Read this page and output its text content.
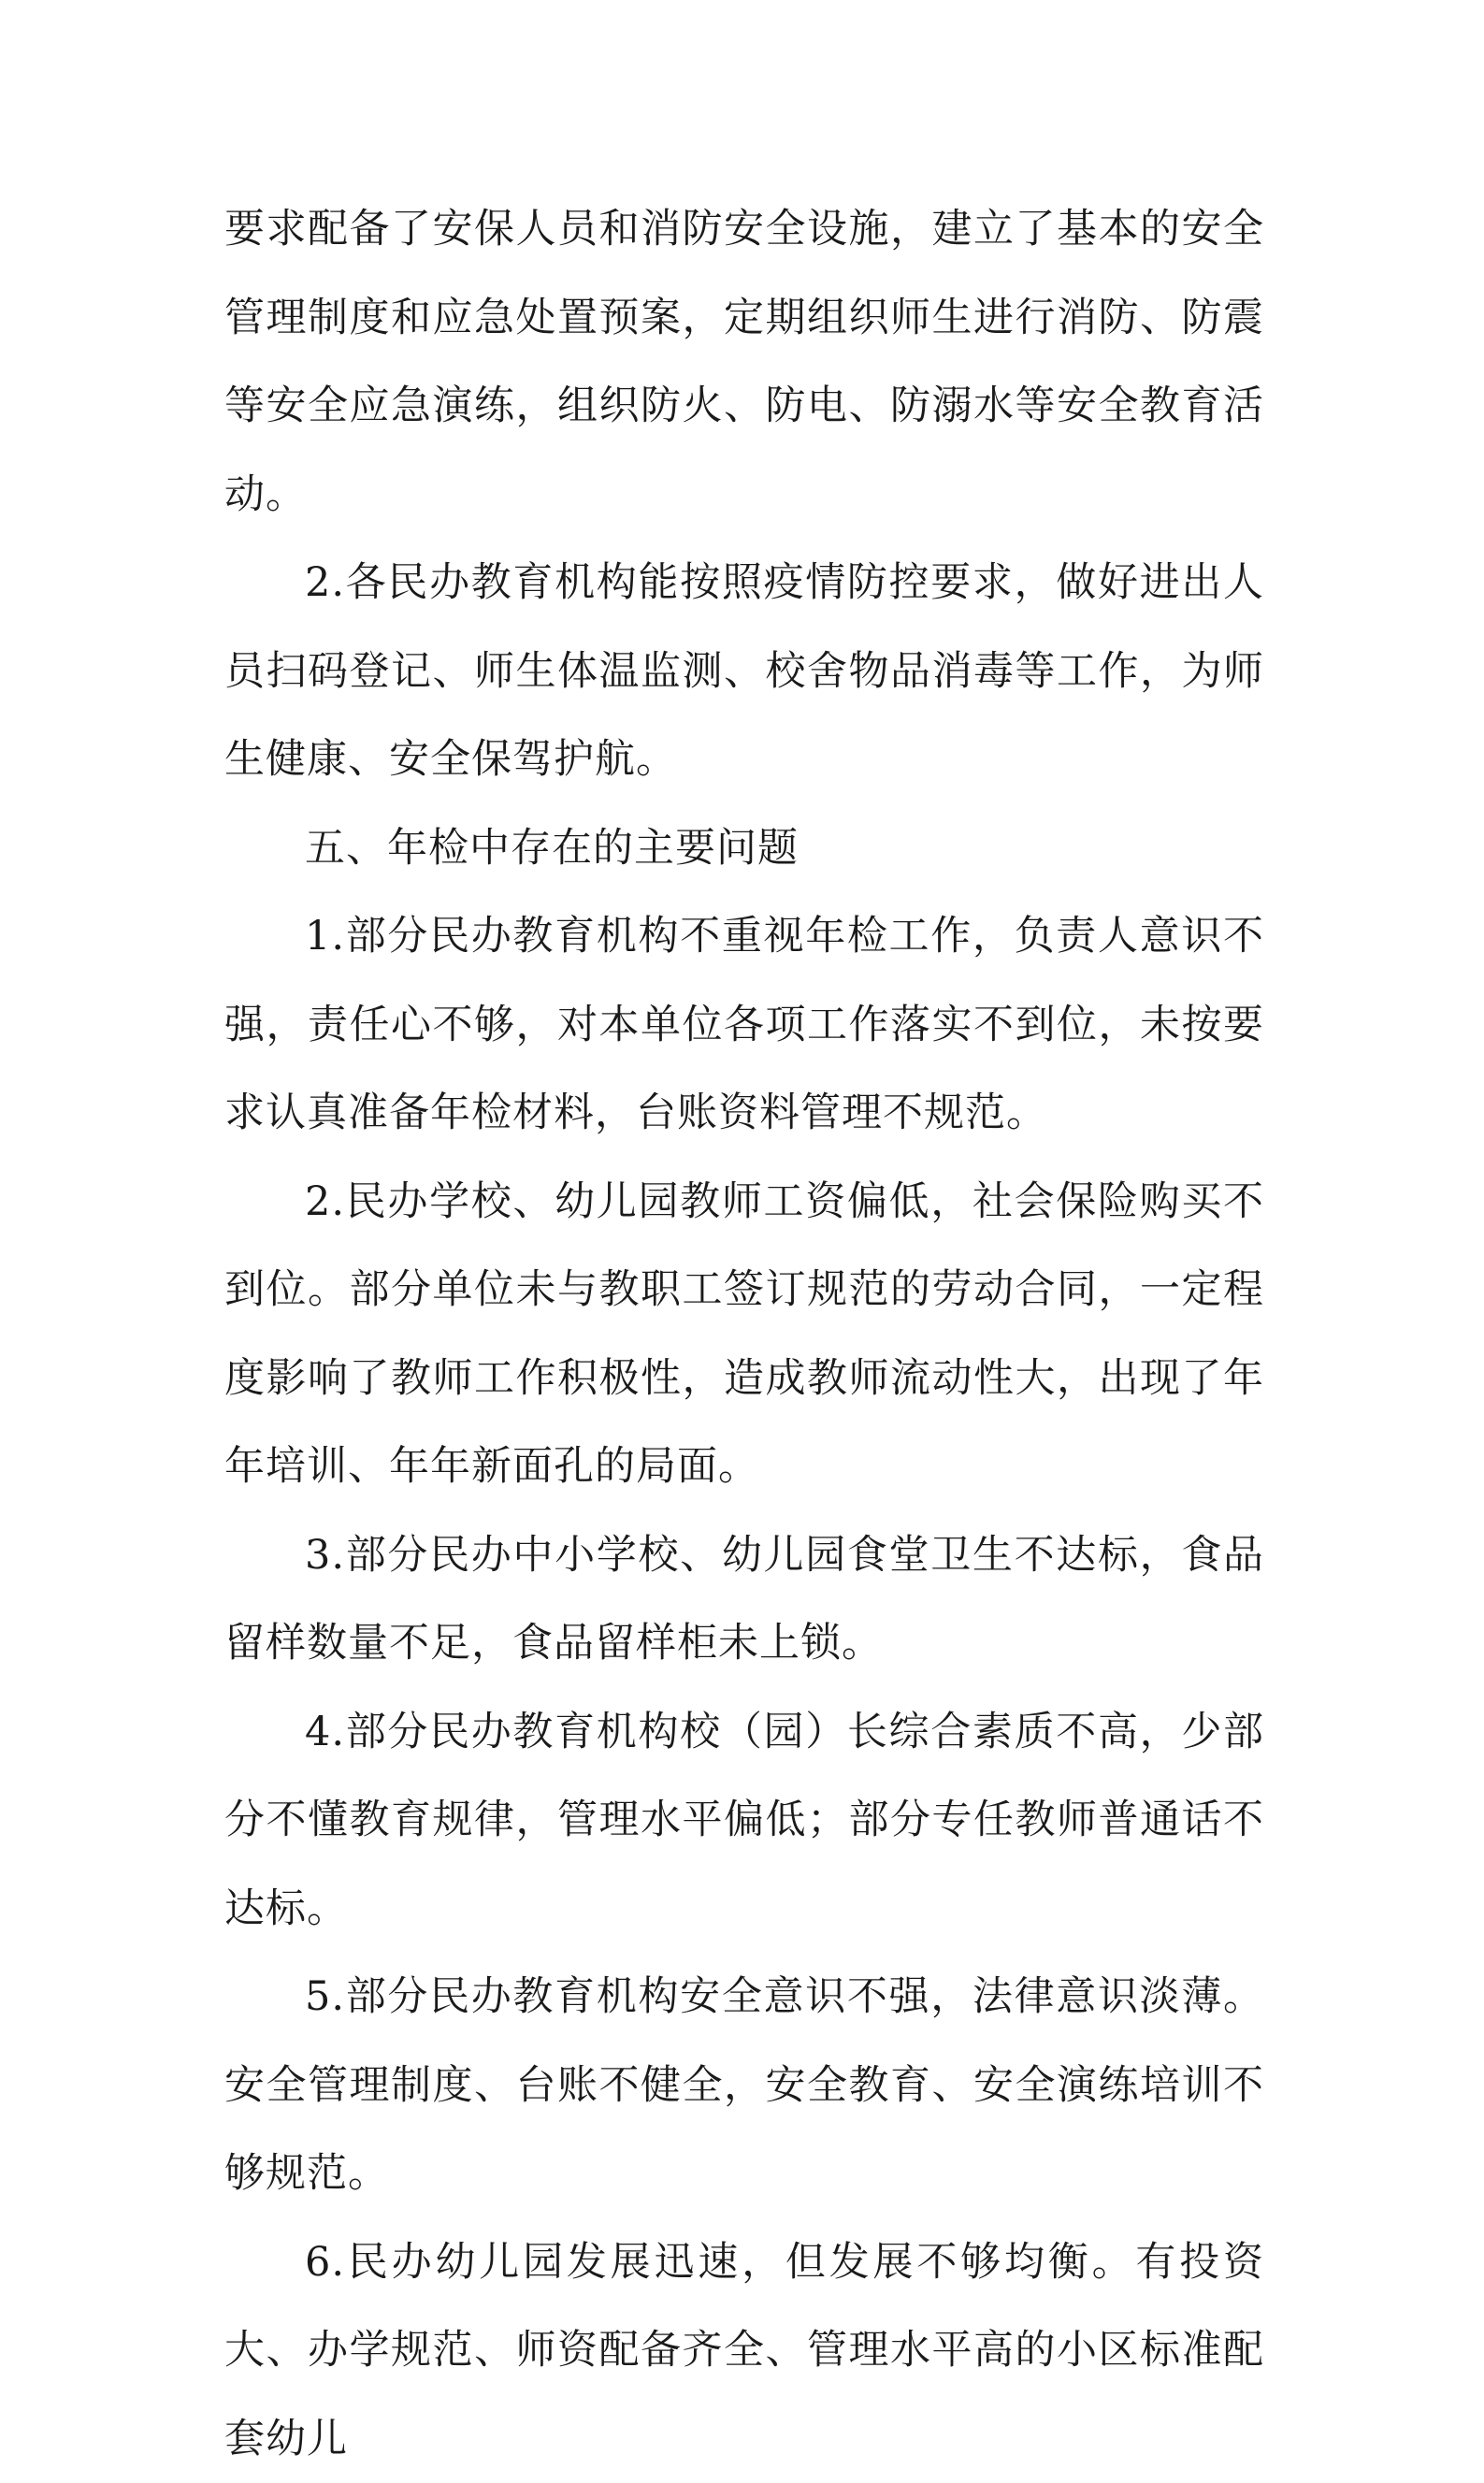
要求配备了安保人员和消防安全设施，建立了基本的安全管理制度和应急处置预案，定期组织师生进行消防、防震等安全应急演练，组织防火、防电、防溺水等安全教育活动。

2.各民办教育机构能按照疫情防控要求，做好进出人员扫码登记、师生体温监测、校舍物品消毒等工作，为师生健康、安全保驾护航。

五、年检中存在的主要问题

1.部分民办教育机构不重视年检工作，负责人意识不强，责任心不够，对本单位各项工作落实不到位，未按要求认真准备年检材料，台账资料管理不规范。

2.民办学校、幼儿园教师工资偏低，社会保险购买不到位。部分单位未与教职工签订规范的劳动合同，一定程度影响了教师工作积极性，造成教师流动性大，出现了年年培训、年年新面孔的局面。

3.部分民办中小学校、幼儿园食堂卫生不达标，食品留样数量不足，食品留样柜未上锁。

4.部分民办教育机构校（园）长综合素质不高，少部分不懂教育规律，管理水平偏低；部分专任教师普通话不达标。

5.部分民办教育机构安全意识不强，法律意识淡薄。安全管理制度、台账不健全，安全教育、安全演练培训不够规范。

6.民办幼儿园发展迅速，但发展不够均衡。有投资大、办学规范、师资配备齐全、管理水平高的小区标准配套幼儿
